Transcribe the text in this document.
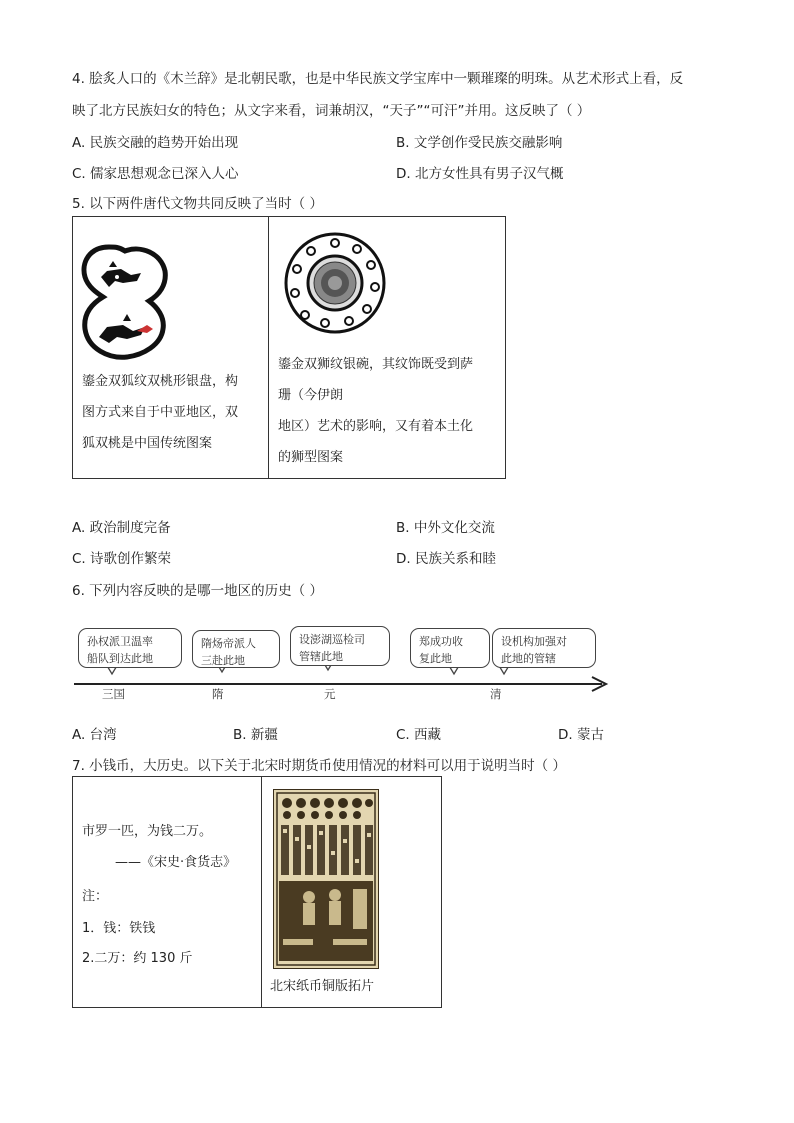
4. 脍炙人口的《木兰辞》是北朝民歌，也是中华民族文学宝库中一颗璀璨的明珠。从艺术形式上看，反
映了北方民族妇女的特色；从文字来看，词兼胡汉，“天子”“可汗”并用。这反映了（ ）
A. 民族交融的趋势开始出现	B. 文学创作受民族交融影响
C. 儒家思想观念已深入人心	D. 北方女性具有男子汉气概
5. 以下两件唐代文物共同反映了当时（ ）
鎏金双狐纹双桃形银盘，构
图方式来自于中亚地区，双
狐双桃是中国传统图案
鎏金双狮纹银碗，其纹饰既受到萨
珊（今伊朗
地区）艺术的影响，又有着本土化
的狮型图案
A. 政治制度完备	B. 中外文化交流
C. 诗歌创作繁荣	D. 民族关系和睦
6. 下列内容反映的是哪一地区的历史（ ）
孙权派卫温率
船队到达此地
隋炀帝派人
三赴此地
设澎湖巡检司
管辖此地
郑成功收
复此地
设机构加强对
此地的管辖
三国	隋	元	清
A. 台湾	B. 新疆	C. 西藏	D. 蒙古
7. 小钱币，大历史。以下关于北宋时期货币使用情况的材料可以用于说明当时（ ）
市罗一匹，为钱二万。
——《宋史·食货志》
注：
1．钱：铁钱
2.二万：约 130 斤
北宋纸币铜版拓片
